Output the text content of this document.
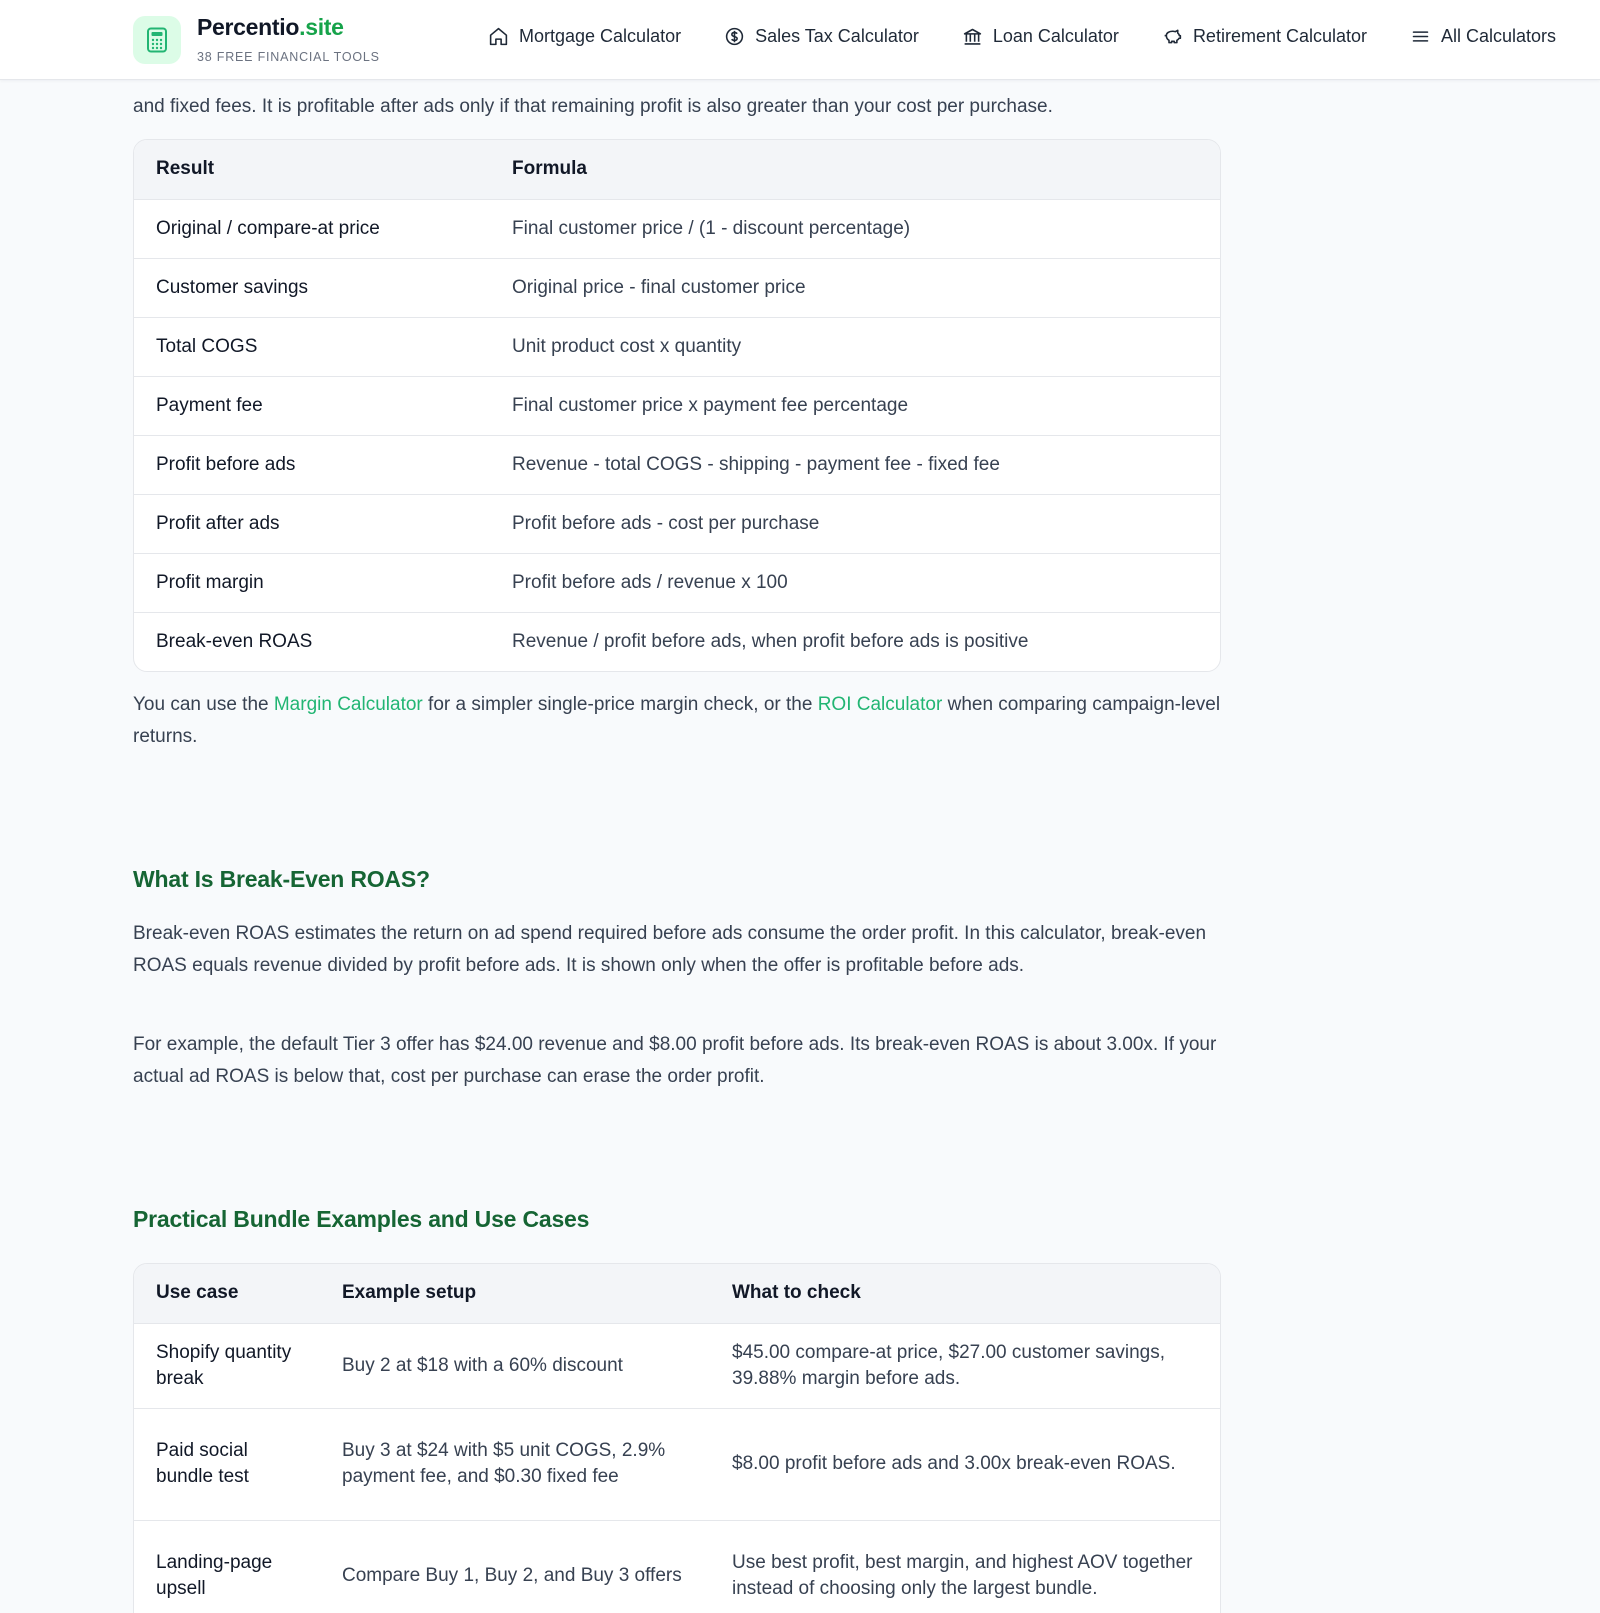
Percentio.site
38 FREE FINANCIAL TOOLS
Mortgage Calculator	Sales Tax Calculator	Loan Calculator	Retirement Calculator	All Calculators
and fixed fees. It is profitable after ads only if that remaining profit is also greater than your cost per purchase.
Result	Formula
Original / compare-at price	Final customer price / (1 - discount percentage)
Customer savings	Original price - final customer price
Total COGS	Unit product cost x quantity
Payment fee	Final customer price x payment fee percentage
Profit before ads	Revenue - total COGS - shipping - payment fee - fixed fee
Profit after ads	Profit before ads - cost per purchase
Profit margin	Profit before ads / revenue x 100
Break-even ROAS	Revenue / profit before ads, when profit before ads is positive
You can use the Margin Calculator for a simpler single-price margin check, or the ROI Calculator when comparing campaign-level returns.
What Is Break-Even ROAS?
Break-even ROAS estimates the return on ad spend required before ads consume the order profit. In this calculator, break-even ROAS equals revenue divided by profit before ads. It is shown only when the offer is profitable before ads.
For example, the default Tier 3 offer has $24.00 revenue and $8.00 profit before ads. Its break-even ROAS is about 3.00x. If your actual ad ROAS is below that, cost per purchase can erase the order profit.
Practical Bundle Examples and Use Cases
Use case	Example setup	What to check
Shopify quantity break	Buy 2 at $18 with a 60% discount	$45.00 compare-at price, $27.00 customer savings, 39.88% margin before ads.
Paid social bundle test	Buy 3 at $24 with $5 unit COGS, 2.9% payment fee, and $0.30 fixed fee	$8.00 profit before ads and 3.00x break-even ROAS.
Landing-page upsell	Compare Buy 1, Buy 2, and Buy 3 offers	Use best profit, best margin, and highest AOV together instead of choosing only the largest bundle.
